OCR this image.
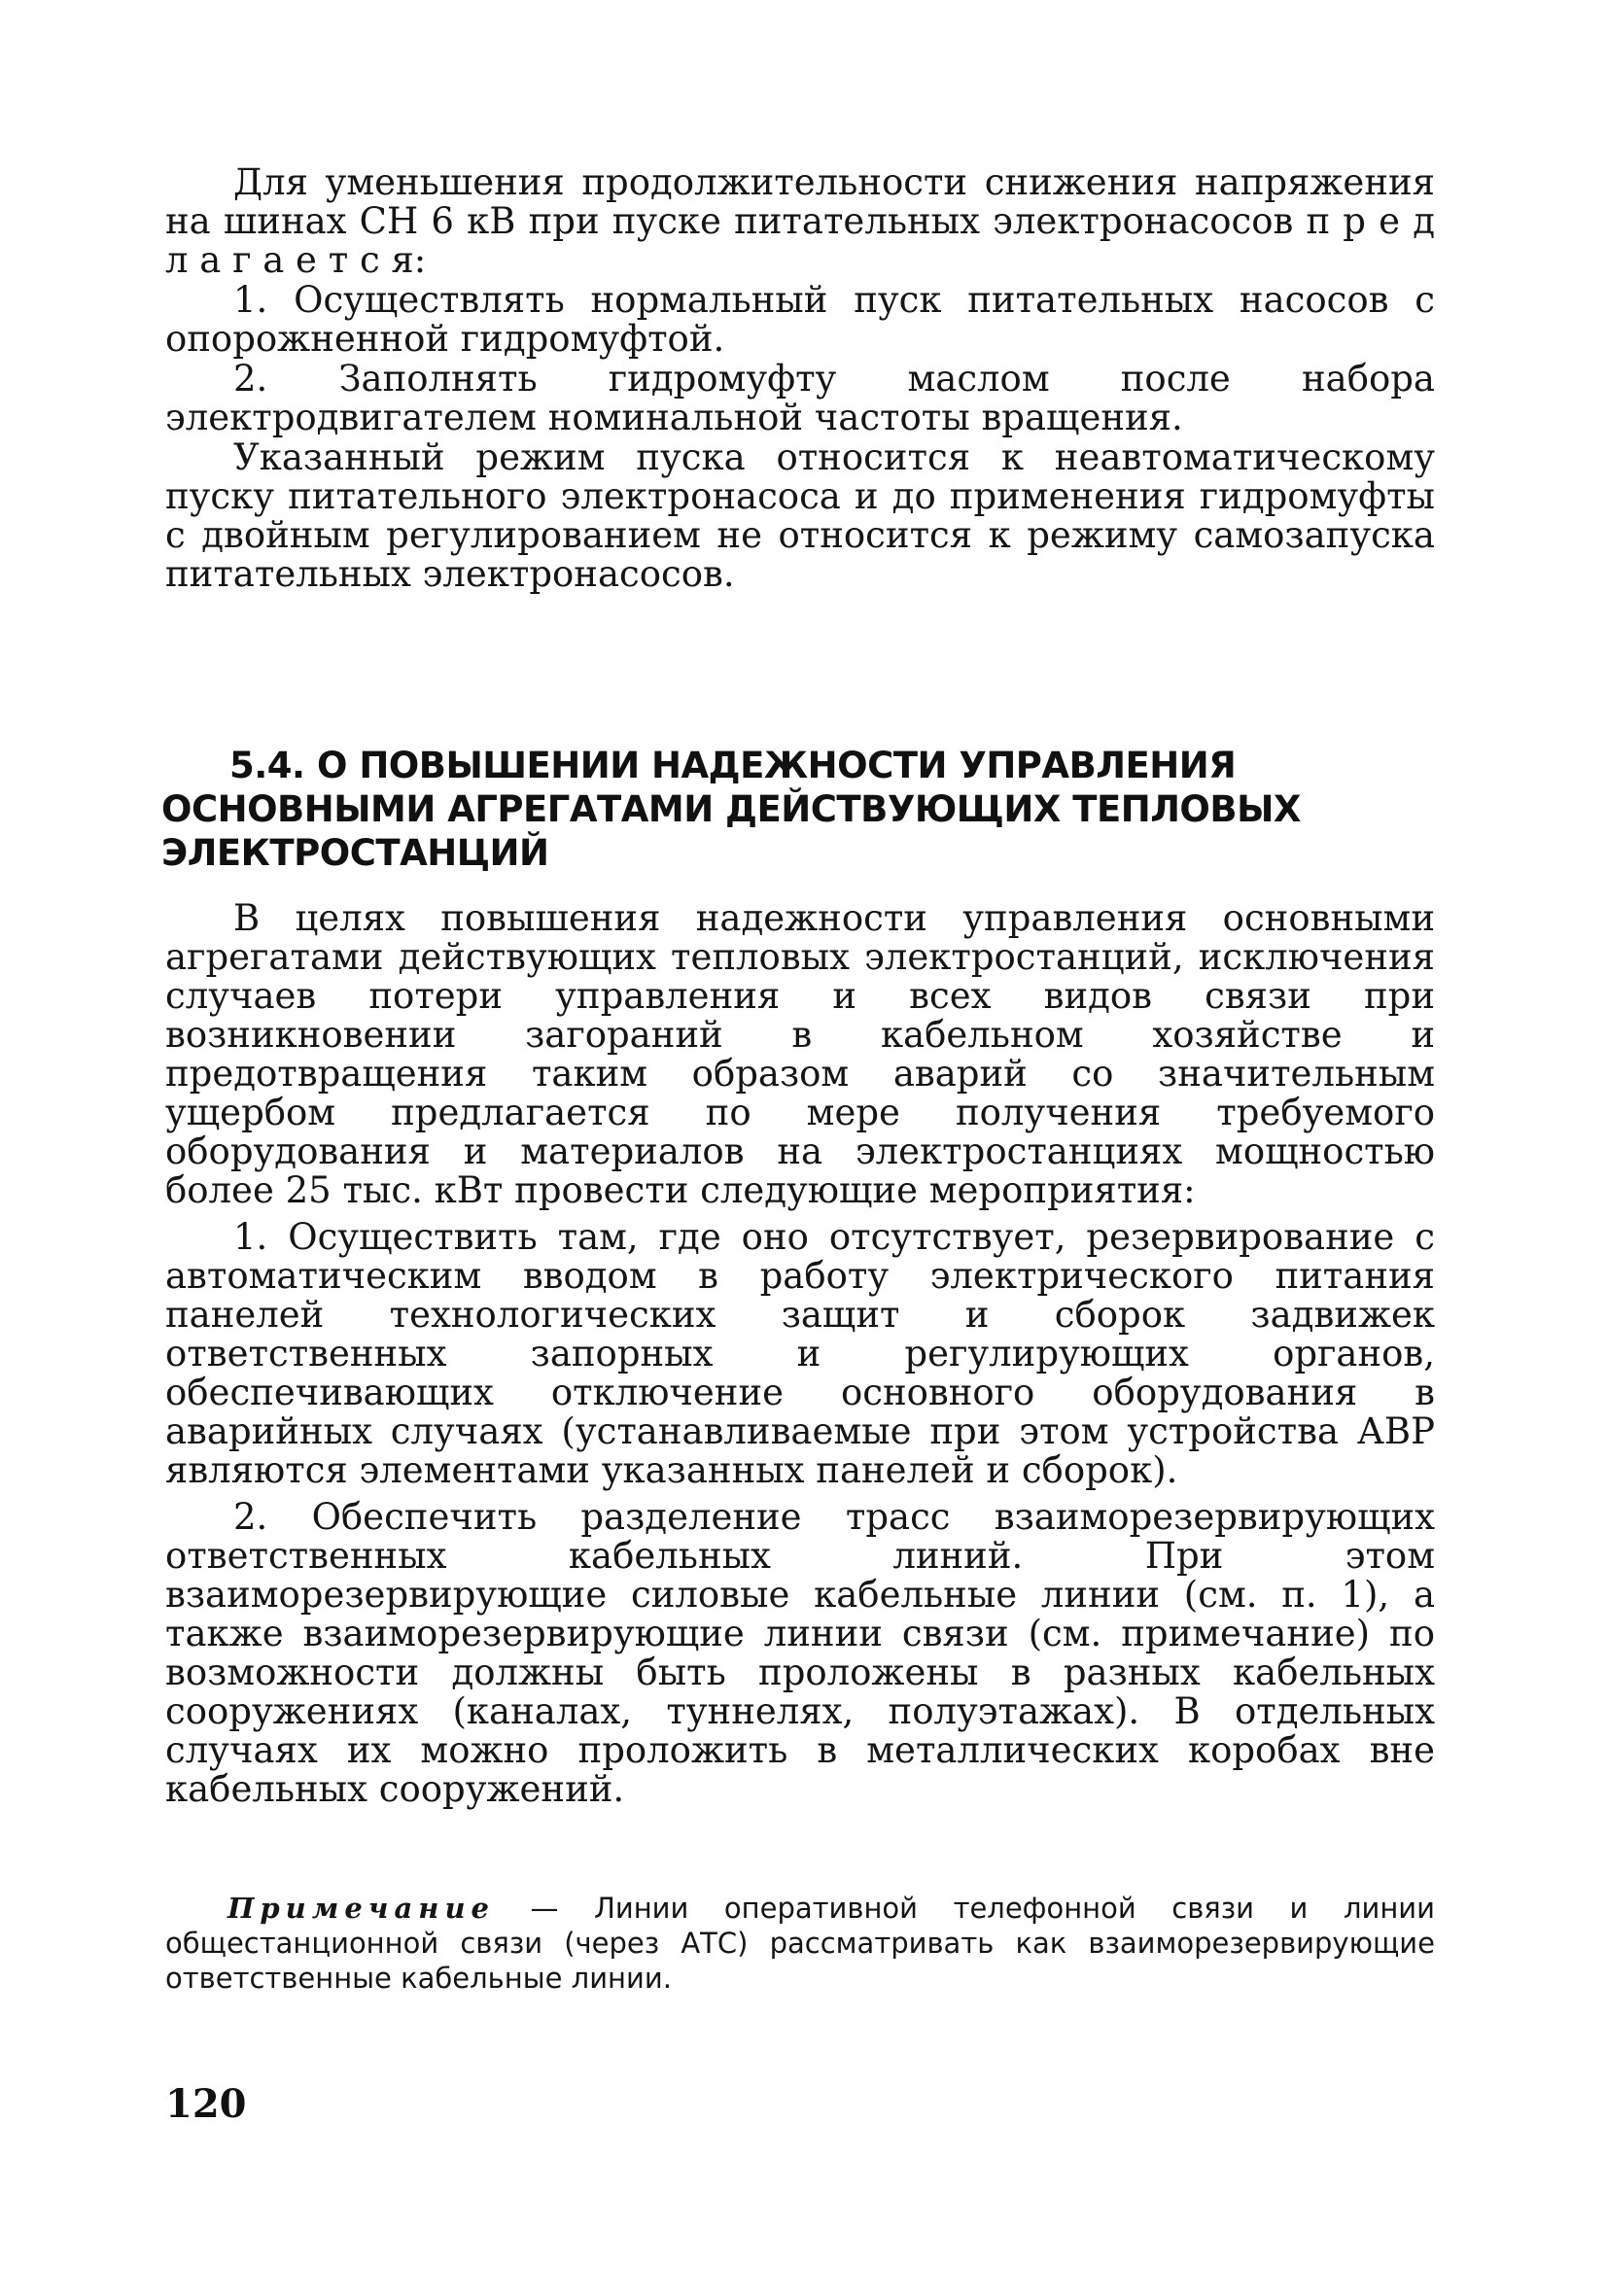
Для уменьшения продолжительности снижения напряжения на шинах СН 6 кВ при пуске питательных электронасосов п р е д л а г а е т с я:

1. Осуществлять нормальный пуск питательных насосов с опорожненной гидромуфтой.

2. Заполнять гидромуфту маслом после набора электродвигателем номинальной частоты вращения.

Указанный режим пуска относится к неавтоматическому пуску питательного электронасоса и до применения гидромуфты с двойным регулированием не относится к режиму самозапуска питательных электронасосов.

5.4. О ПОВЫШЕНИИ НАДЕЖНОСТИ УПРАВЛЕНИЯ
ОСНОВНЫМИ АГРЕГАТАМИ ДЕЙСТВУЮЩИХ ТЕПЛОВЫХ
ЭЛЕКТРОСТАНЦИЙ

В целях повышения надежности управления основными агрегатами действующих тепловых электростанций, исключения случаев потери управления и всех видов связи при возникновении загораний в кабельном хозяйстве и предотвращения таким образом аварий со значительным ущербом предлагается по мере получения требуемого оборудования и материалов на электростанциях мощностью более 25 тыс. кВт провести следующие мероприятия:

1. Осуществить там, где оно отсутствует, резервирование с автоматическим вводом в работу электрического питания панелей технологических защит и сборок задвижек ответственных запорных и регулирующих органов, обеспечивающих отключение основного оборудования в аварийных случаях (устанавливаемые при этом устройства АВР являются элементами указанных панелей и сборок).

2. Обеспечить разделение трасс взаиморезервирующих ответственных кабельных линий. При этом взаиморезервирующие силовые кабельные линии (см. п. 1), а также взаиморезервирующие линии связи (см. примечание) по возможности должны быть проложены в разных кабельных сооружениях (каналах, туннелях, полуэтажах). В отдельных случаях их можно проложить в металлических коробах вне кабельных сооружений.

Примечание — Линии оперативной телефонной связи и линии общестанционной связи (через АТС) рассматривать как взаиморезервирующие ответственные кабельные линии.

120
